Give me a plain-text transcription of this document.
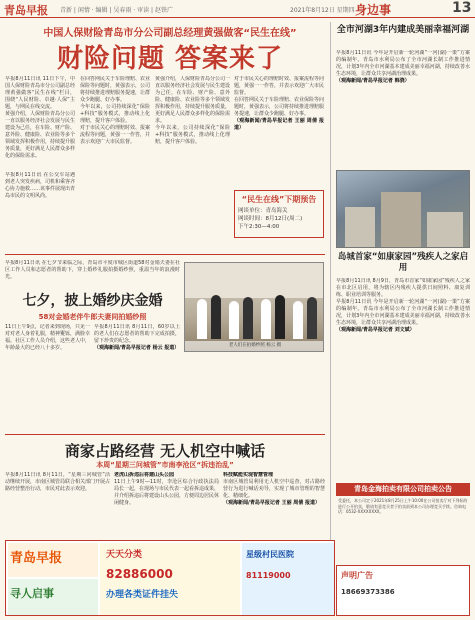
青岛早报 青新 | 闲情 · 编辑 | 吴春雨 · 审读 | 赵铁广	2021年8月12日 星期四 身边事	13
中国人保财险青岛市分公司副总经理黄强做客“民生在线”
财险问题 答案来了
早报8月11日讯 11日下午，中国人保财险青岛市分公司副总经理黄强做客“民生在线”栏目，围绕“人民财险、卓越·人保”主题，与网民在线交流。
黄强介绍，人保财险青岛分公司一直以服务经济社会发展与民生建设为己任，在车险、财产险、意外险、健康险、农业险等多个领域发挥积极作用，持续提升服务质量，更好满足人民群众多样化的保险需求。
早报8月11日讯 在公交车站遇到老人突发疾病，司机和乘客齐心协力施救……该事件展现出青岛市民的文明风尚。
在回答网民关于车险理赔、农业保险等问题时，黄强表示，公司将持续推进理赔服务提速，让群众少跑腿、好办事。
今年以来，公司持续深化“保险+科技”服务模式，推动线上化理赔，提升客户体验。
对于市民关心的理赔时效、报案流程等问题，黄强一一作答，并表示欢迎广大市民监督。
黄强介绍，人保财险青岛分公司一直以服务经济社会发展与民生建设为己任，在车险、财产险、意外险、健康险、农业险等多个领域发挥积极作用，持续提升服务质量，更好满足人民群众多样化的保险需求。
今年以来，公司持续深化“保险+科技”服务模式，推动线上化理赔，提升客户体验。
对于市民关心的理赔时效、报案流程等问题，黄强一一作答，并表示欢迎广大市民监督。
在回答网民关于车险理赔、农业保险等问题时，黄强表示，公司将持续推进理赔服务提速，让群众少跑腿、好办事。
（观海新闻/青岛早报记者 王丽 周倩 报道）
“民生在线”下期预告
网谈单位：青岛海关
网谈时间：8月12日(周二)
下午2:30—4:00
七夕，披上婚纱庆金婚
58对金婚老伴牛郎夫妻同拍婚纱照
早报8月11日讯 在七夕节来临之际，青岛市平度市城区街道58对金婚夫妻在社区工作人员和志愿者的帮助下，穿上婚纱礼服拍摄婚纱照，重温当年的浪漫时光。
11日上午9点，记者来到现场，只见一对对老人身着礼服，精神矍铄，满脸幸福。社区工作人员介绍，这些老人中，年龄最大的已经八十多岁。
早报8月11日讯 8月11日，60岁以上的老人们在志愿者的帮助下完成拍摄，留下珍贵的纪念。
（观海新闻/青岛早报记者 杨云 报道）	老人们在拍婚纱照 杨云 摄
商家占路经营 无人机空中喊话
本周“星期三问城管”市南李沧区“拆违治乱”
早报8月11日讯 8月11日，“星期三问城管”活动继续开展，市南区城管局联合相关部门开展占路经营整治行动，市民对此表示欢迎。
老虎山拆违后将建山头公园
11日上午9时—11时，李沧区综合行政执法局局长一起，在现场与市民代表一起看拆违成果，并介绍拆违后将建设山头公园，方便周边居民休闲健身。
科技赋能实现智慧管理
市南区城管局利用无人机空中巡查，对占路经营行为进行喊话劝导，实现了城市管理的智慧化、精细化。
（观海新闻/青岛早报记者 王丽 周倩 报道）
全市河湖3年内建成美丽幸福河湖
早报8月11日讯 今年是开启新一轮河湖“一河(湖)一策”方案的编制年。青岛市水利局公布了全市河湖长制工作推进情况，计划3年内全市河湖基本建成美丽幸福河湖，持续改善水生态环境，让群众共享河湖治理成果。
（观海新闻/青岛早报记者 韩骁）
岛城首家“如康家园”残疾人之家启用
早报8月11日讯 8月9日，青岛市首家“如康家园”残疾人之家在市北区启用，将为辖区内残疾人提供日间照料、康复训练、职业培训等服务。
早报8月11日讯 今年是开启新一轮河湖“一河(湖)一策”方案的编制年。青岛市水利局公布了全市河湖长制工作推进情况，计划3年内全市河湖基本建成美丽幸福河湖，持续改善水生态环境，让群众共享河湖治理成果。
（观海新闻/青岛早报记者 刘文斌）
青岛金海拍卖有限公司拍卖公告
受委托，本公司定于2021年8月25日上午10:00在公司拍卖厅对下列标的进行公开拍卖，敬请有意竞买者于拍卖前到本公司办理竞买手续。咨询电话：0532-XXXXXXXX。
青岛早报
寻人启事
天天分类
82886000
办理各类证件挂失
星级村民医院
81119000	声明广告
18669373386
